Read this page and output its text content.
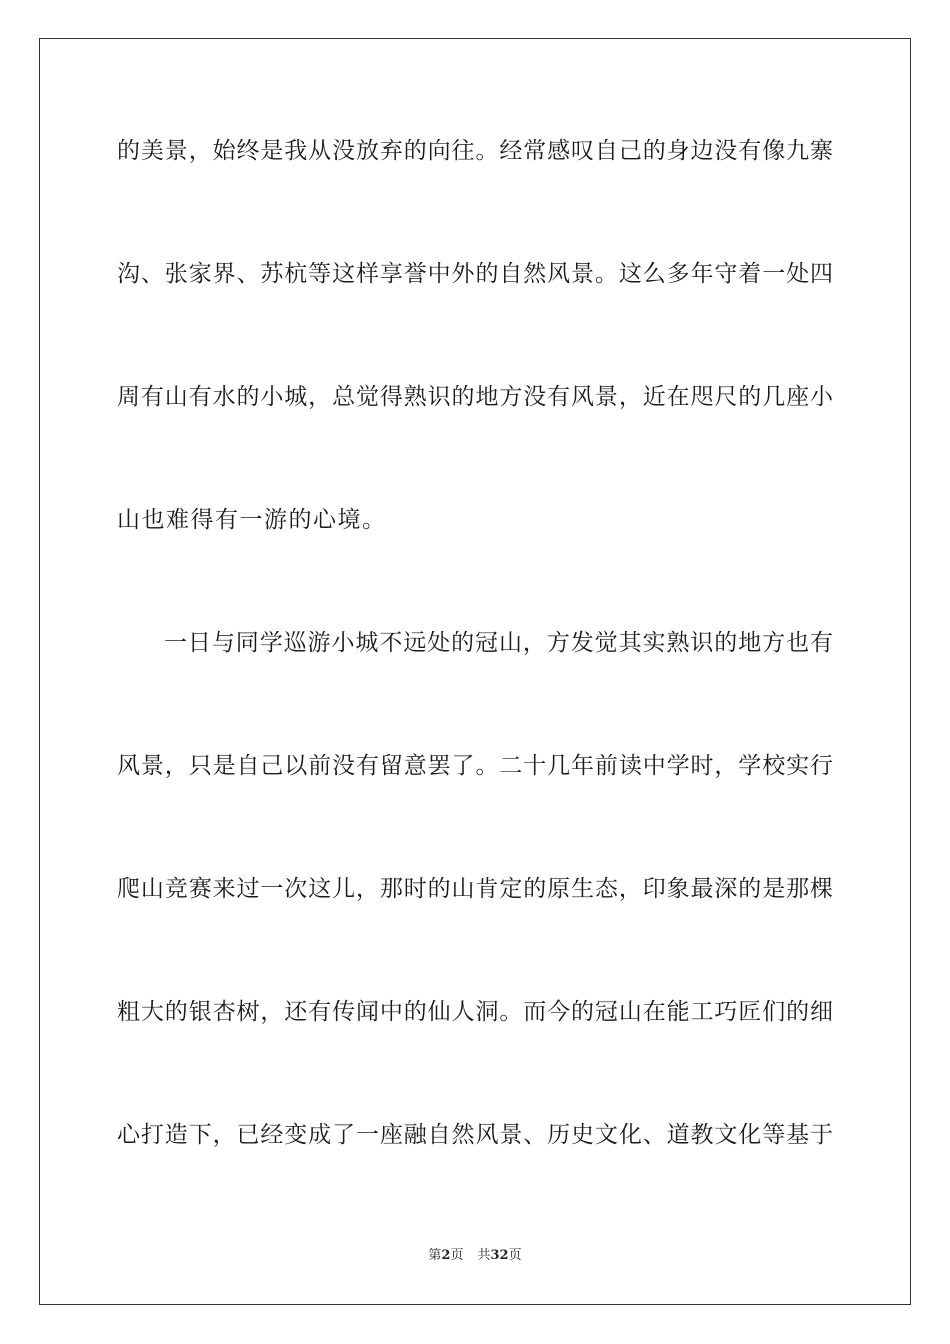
的美景，始终是我从没放弃的向往。经常感叹自己的身边没有像九寨
沟、张家界、苏杭等这样享誉中外的自然风景。这么多年守着一处四
周有山有水的小城，总觉得熟识的地方没有风景，近在咫尺的几座小
山也难得有一游的心境。
一日与同学巡游小城不远处的冠山，方发觉其实熟识的地方也有
风景，只是自己以前没有留意罢了。二十几年前读中学时，学校实行
爬山竞赛来过一次这儿，那时的山肯定的原生态，印象最深的是那棵
粗大的银杏树，还有传闻中的仙人洞。而今的冠山在能工巧匠们的细
心打造下，已经变成了一座融自然风景、历史文化、道教文化等基于
第2页 共32页
